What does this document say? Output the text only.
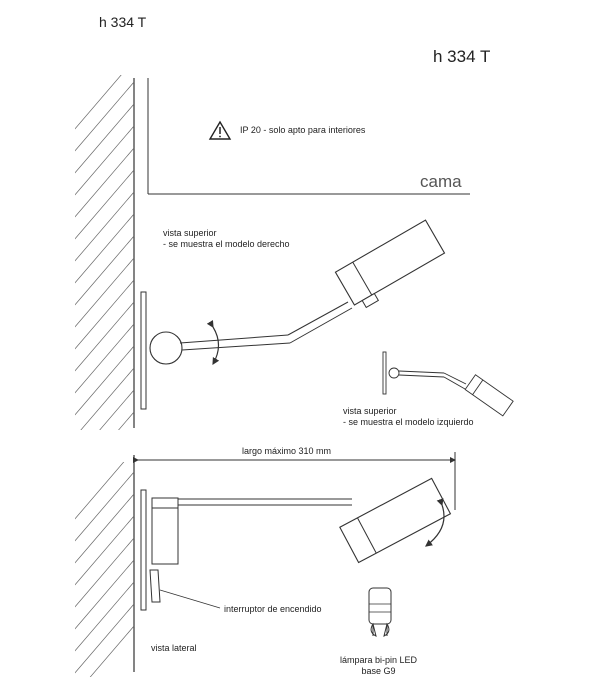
h 334 T
h 334 T
IP 20 - solo apto para interiores
cama
vista superior
- se muestra el modelo derecho
vista superior
- se muestra el modelo izquierdo
largo máximo 310 mm
interruptor de encendido
vista lateral
lámpara bi-pin LED
base G9
